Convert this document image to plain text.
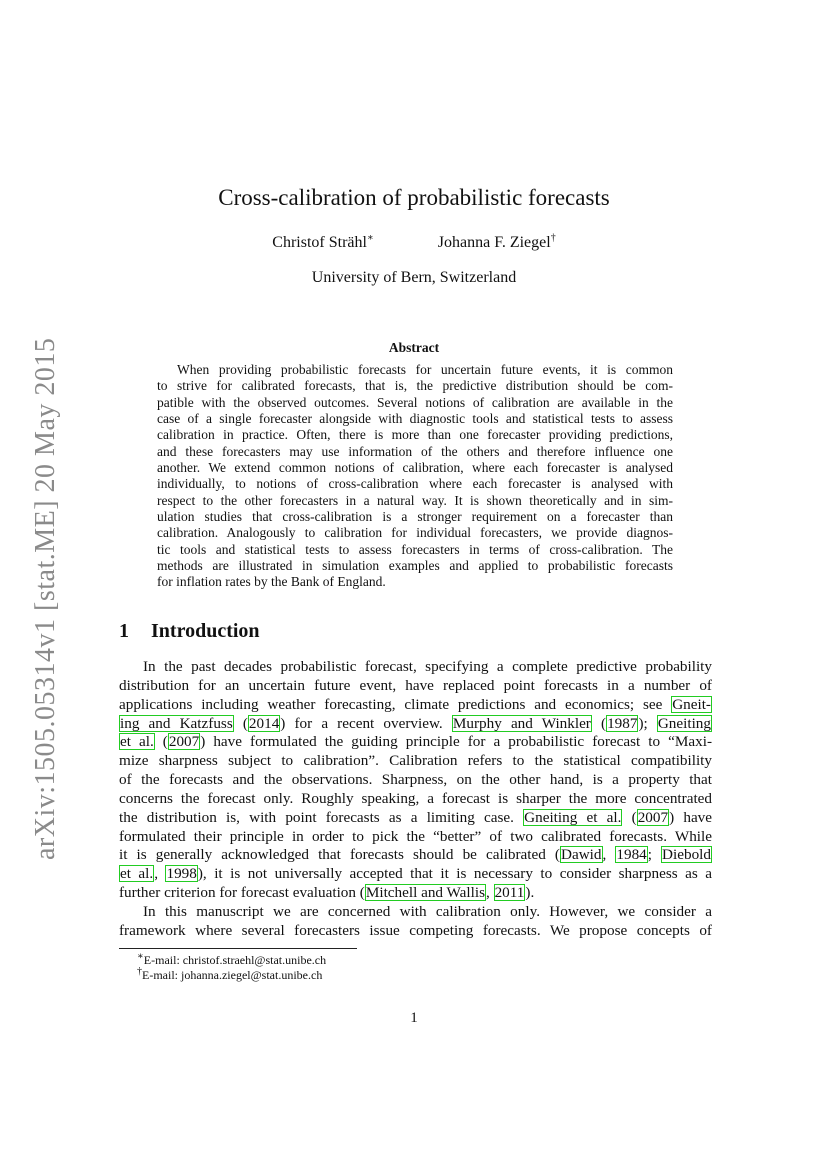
arXiv:1505.05314v1 [stat.ME] 20 May 2015
Cross-calibration of probabilistic forecasts
Christof Strähl∗	Johanna F. Ziegel†
University of Bern, Switzerland
Abstract
When providing probabilistic forecasts for uncertain future events, it is common
to strive for calibrated forecasts, that is, the predictive distribution should be com-
patible with the observed outcomes. Several notions of calibration are available in the
case of a single forecaster alongside with diagnostic tools and statistical tests to assess
calibration in practice. Often, there is more than one forecaster providing predictions,
and these forecasters may use information of the others and therefore influence one
another. We extend common notions of calibration, where each forecaster is analysed
individually, to notions of cross-calibration where each forecaster is analysed with
respect to the other forecasters in a natural way. It is shown theoretically and in sim-
ulation studies that cross-calibration is a stronger requirement on a forecaster than
calibration. Analogously to calibration for individual forecasters, we provide diagnos-
tic tools and statistical tests to assess forecasters in terms of cross-calibration. The
methods are illustrated in simulation examples and applied to probabilistic forecasts
for inflation rates by the Bank of England.
1 Introduction
In the past decades probabilistic forecast, specifying a complete predictive probability
distribution for an uncertain future event, have replaced point forecasts in a number of
applications including weather forecasting, climate predictions and economics; see Gneit-
ing and Katzfuss (2014) for a recent overview. Murphy and Winkler (1987); Gneiting
et al. (2007) have formulated the guiding principle for a probabilistic forecast to “Maxi-
mize sharpness subject to calibration”. Calibration refers to the statistical compatibility
of the forecasts and the observations. Sharpness, on the other hand, is a property that
concerns the forecast only. Roughly speaking, a forecast is sharper the more concentrated
the distribution is, with point forecasts as a limiting case. Gneiting et al. (2007) have
formulated their principle in order to pick the “better” of two calibrated forecasts. While
it is generally acknowledged that forecasts should be calibrated (Dawid, 1984; Diebold
et al., 1998), it is not universally accepted that it is necessary to consider sharpness as a
further criterion for forecast evaluation (Mitchell and Wallis, 2011).
In this manuscript we are concerned with calibration only. However, we consider a
framework where several forecasters issue competing forecasts. We propose concepts of
∗E-mail: christof.straehl@stat.unibe.ch
†E-mail: johanna.ziegel@stat.unibe.ch
1
